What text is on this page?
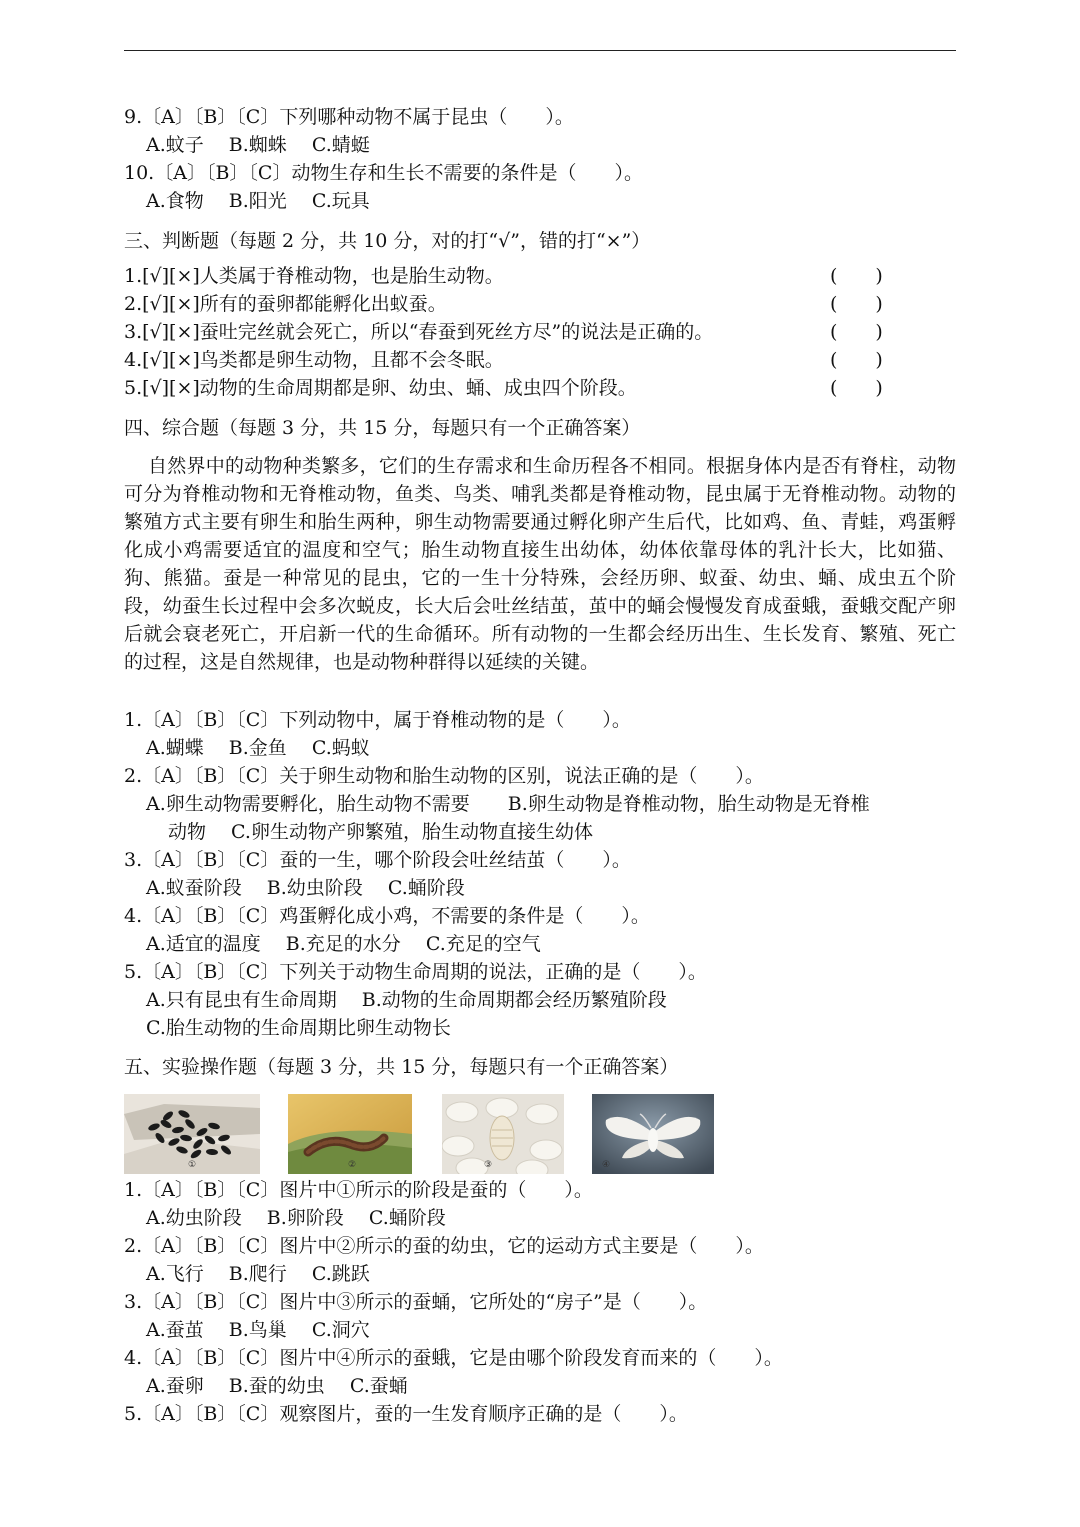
9.〔A〕〔B〕〔C〕下列哪种动物不属于昆虫（　　）。
A.蚊子　 B.蜘蛛　 C.蜻蜓
10.〔A〕〔B〕〔C〕动物生存和生长不需要的条件是（　　）。
A.食物　 B.阳光　 C.玩具
三、判断题（每题 2 分，共 10 分，对的打“√”，错的打“×”）
1.[√][×]人类属于脊椎动物，也是胎生动物。	(　　)
2.[√][×]所有的蚕卵都能孵化出蚁蚕。	(　　)
3.[√][×]蚕吐完丝就会死亡，所以“春蚕到死丝方尽”的说法是正确的。	(　　)
4.[√][×]鸟类都是卵生动物，且都不会冬眠。	(　　)
5.[√][×]动物的生命周期都是卵、幼虫、蛹、成虫四个阶段。	(　　)
四、综合题（每题 3 分，共 15 分，每题只有一个正确答案）
自然界中的动物种类繁多，它们的生存需求和生命历程各不相同。根据身体内是否有脊柱，动物可分为脊椎动物和无脊椎动物，鱼类、鸟类、哺乳类都是脊椎动物，昆虫属于无脊椎动物。动物的繁殖方式主要有卵生和胎生两种，卵生动物需要通过孵化卵产生后代，比如鸡、鱼、青蛙，鸡蛋孵化成小鸡需要适宜的温度和空气；胎生动物直接生出幼体，幼体依靠母体的乳汁长大，比如猫、狗、熊猫。蚕是一种常见的昆虫，它的一生十分特殊，会经历卵、蚁蚕、幼虫、蛹、成虫五个阶段，幼蚕生长过程中会多次蜕皮，长大后会吐丝结茧，茧中的蛹会慢慢发育成蚕蛾，蚕蛾交配产卵后就会衰老死亡，开启新一代的生命循环。所有动物的一生都会经历出生、生长发育、繁殖、死亡的过程，这是自然规律，也是动物种群得以延续的关键。
1.〔A〕〔B〕〔C〕下列动物中，属于脊椎动物的是（　　）。
A.蝴蝶　 B.金鱼　 C.蚂蚁
2.〔A〕〔B〕〔C〕关于卵生动物和胎生动物的区别，说法正确的是（　　）。
A.卵生动物需要孵化，胎生动物不需要　　B.卵生动物是脊椎动物，胎生动物是无脊椎
动物　 C.卵生动物产卵繁殖，胎生动物直接生幼体
3.〔A〕〔B〕〔C〕蚕的一生，哪个阶段会吐丝结茧（　　）。
A.蚁蚕阶段　 B.幼虫阶段　 C.蛹阶段
4.〔A〕〔B〕〔C〕鸡蛋孵化成小鸡，不需要的条件是（　　）。
A.适宜的温度　 B.充足的水分　 C.充足的空气
5.〔A〕〔B〕〔C〕下列关于动物生命周期的说法，正确的是（　　）。
A.只有昆虫有生命周期　 B.动物的生命周期都会经历繁殖阶段
C.胎生动物的生命周期比卵生动物长
五、实验操作题（每题 3 分，共 15 分，每题只有一个正确答案）
①	②	③	④
1.〔A〕〔B〕〔C〕图片中①所示的阶段是蚕的（　　）。
A.幼虫阶段　 B.卵阶段　 C.蛹阶段
2.〔A〕〔B〕〔C〕图片中②所示的蚕的幼虫，它的运动方式主要是（　　）。
A.飞行　 B.爬行　 C.跳跃
3.〔A〕〔B〕〔C〕图片中③所示的蚕蛹，它所处的“房子”是（　　）。
A.蚕茧　 B.鸟巢　 C.洞穴
4.〔A〕〔B〕〔C〕图片中④所示的蚕蛾，它是由哪个阶段发育而来的（　　）。
A.蚕卵　 B.蚕的幼虫　 C.蚕蛹
5.〔A〕〔B〕〔C〕观察图片，蚕的一生发育顺序正确的是（　　）。
